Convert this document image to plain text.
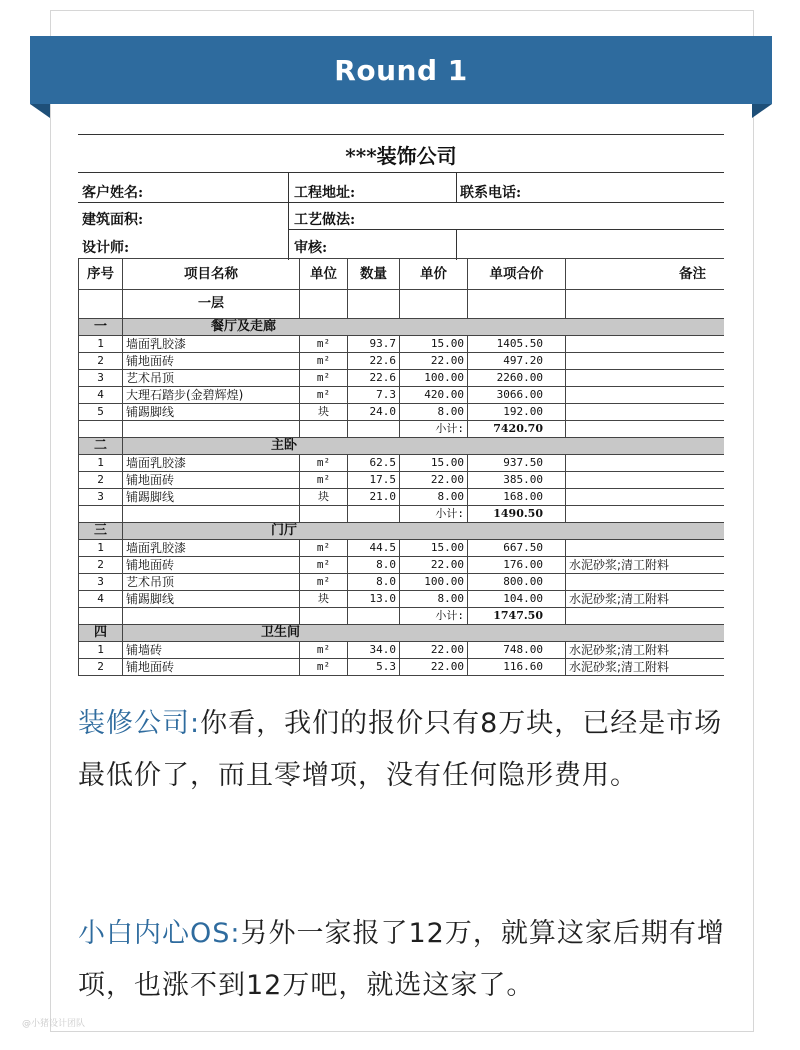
Round 1
***装饰公司
客户姓名:	工程地址:	联系电话:
建筑面积:	工艺做法:
设计师:	审核:
序号	项目名称	单位	数量	单价	单项合价	备注
	一层					
一	餐厅及走廊					
1	墙面乳胶漆	m²	93.7	15.00	1405.50	
2	铺地面砖	m²	22.6	22.00	497.20	
3	艺术吊顶	m²	22.6	100.00	2260.00	
4	大理石踏步(金碧辉煌)	m²	7.3	420.00	3066.00	
5	铺踢脚线	块	24.0	8.00	192.00	
				小计:	7420.70	
二	主卧					
1	墙面乳胶漆	m²	62.5	15.00	937.50	
2	铺地面砖	m²	17.5	22.00	385.00	
3	铺踢脚线	块	21.0	8.00	168.00	
				小计:	1490.50	
三	门厅					
1	墙面乳胶漆	m²	44.5	15.00	667.50	
2	铺地面砖	m²	8.0	22.00	176.00	水泥砂浆;清工附料
3	艺术吊顶	m²	8.0	100.00	800.00	
4	铺踢脚线	块	13.0	8.00	104.00	水泥砂浆;清工附料
				小计:	1747.50	
四	卫生间					
1	铺墙砖	m²	34.0	22.00	748.00	水泥砂浆;清工附料
2	铺地面砖	m²	5.3	22.00	116.60	水泥砂浆;清工附料
装修公司:你看，我们的报价只有8万块，已经是市场最低价了，而且零增项，没有任何隐形费用。
小白内心OS:另外一家报了12万，就算这家后期有增项，也涨不到12万吧，就选这家了。
@小猪设计团队
